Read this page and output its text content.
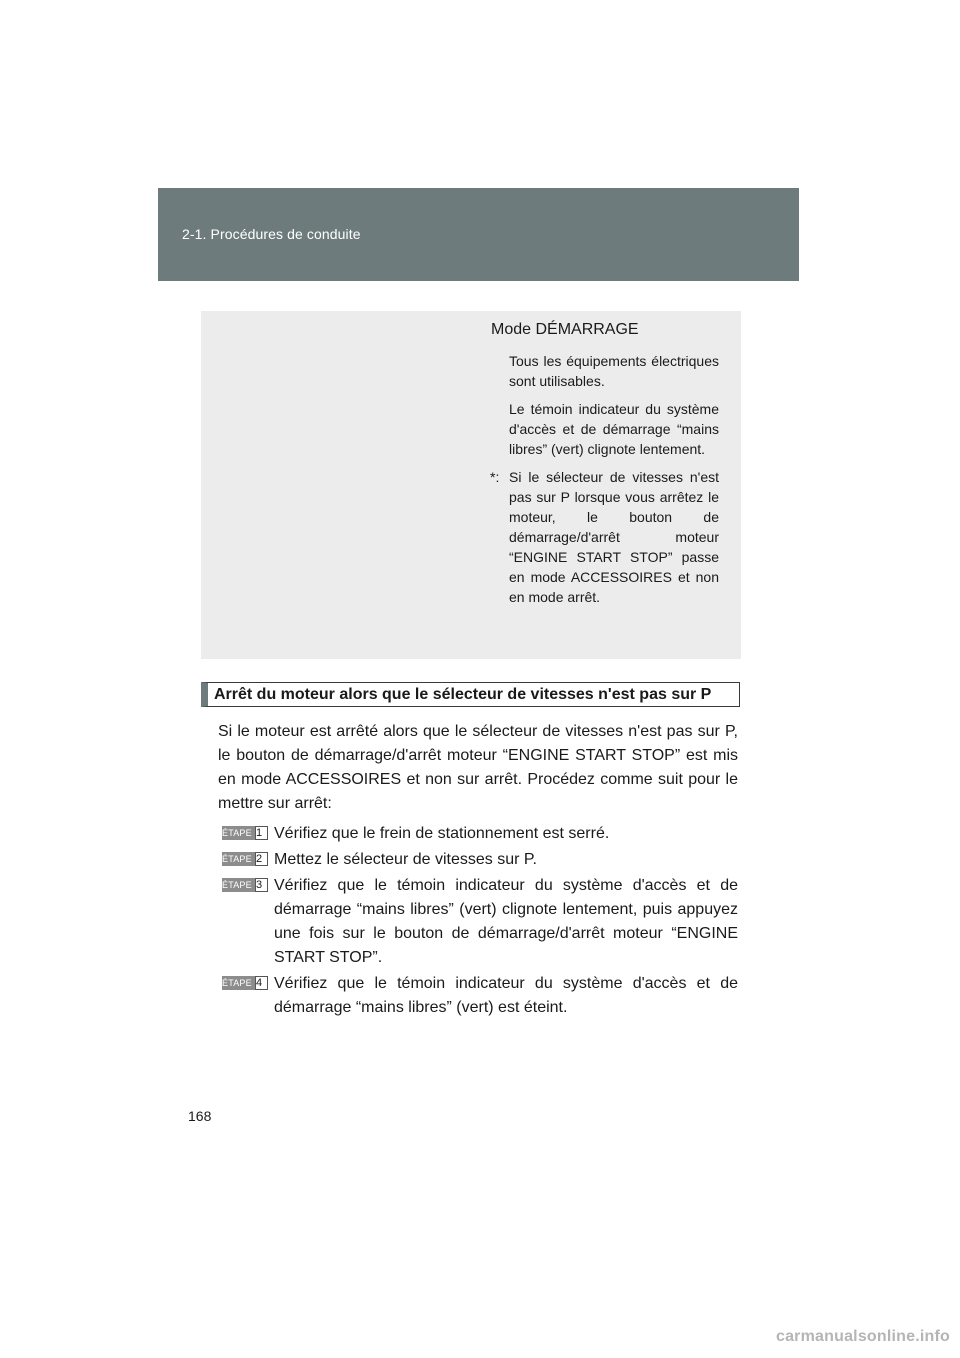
2-1. Procédures de conduite
Mode DÉMARRAGE

Tous les équipements électriques sont utilisables.

Le témoin indicateur du système d'accès et de démarrage “mains libres” (vert) clignote lentement.

*: Si le sélecteur de vitesses n'est pas sur P lorsque vous arrêtez le moteur, le bouton de démarrage/d'arrêt moteur “ENGINE START STOP” passe en mode ACCESSOIRES et non en mode arrêt.
Arrêt du moteur alors que le sélecteur de vitesses n'est pas sur P

Si le moteur est arrêté alors que le sélecteur de vitesses n'est pas sur P, le bouton de démarrage/d'arrêt moteur “ENGINE START STOP” est mis en mode ACCESSOIRES et non sur arrêt. Procédez comme suit pour le mettre sur arrêt:

ÉTAPE 1 Vérifiez que le frein de stationnement est serré.
ÉTAPE 2 Mettez le sélecteur de vitesses sur P.
ÉTAPE 3 Vérifiez que le témoin indicateur du système d'accès et de démarrage “mains libres” (vert) clignote lentement, puis appuyez une fois sur le bouton de démarrage/d'arrêt moteur “ENGINE START STOP”.
ÉTAPE 4 Vérifiez que le témoin indicateur du système d'accès et de démarrage “mains libres” (vert) est éteint.
168
carmanualsonline.info
